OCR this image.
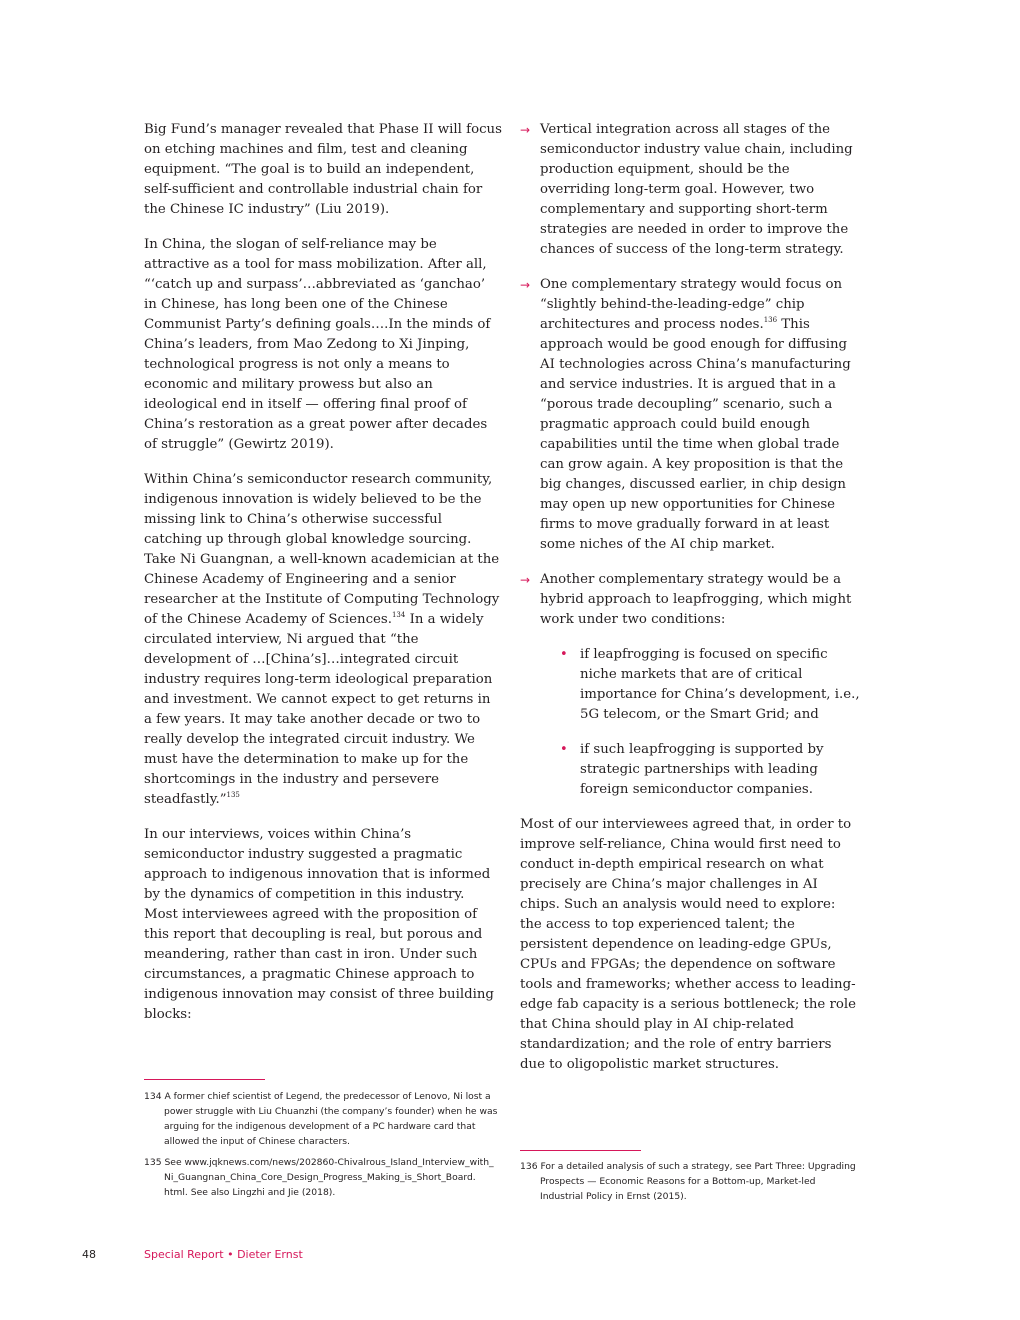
Big Fund’s manager revealed that Phase II will focus on etching machines and film, test and cleaning equipment. “The goal is to build an independent, self-sufficient and controllable industrial chain for the Chinese IC industry” (Liu 2019).

In China, the slogan of self-reliance may be attractive as a tool for mass mobilization. After all, “‘catch up and surpass’…abbreviated as ‘ganchao’ in Chinese, has long been one of the Chinese Communist Party’s defining goals….In the minds of China’s leaders, from Mao Zedong to Xi Jinping, technological progress is not only a means to economic and military prowess but also an ideological end in itself — offering final proof of China’s restoration as a great power after decades of struggle” (Gewirtz 2019).

Within China’s semiconductor research community, indigenous innovation is widely believed to be the missing link to China’s otherwise successful catching up through global knowledge sourcing. Take Ni Guangnan, a well-known academician at the Chinese Academy of Engineering and a senior researcher at the Institute of Computing Technology of the Chinese Academy of Sciences.$^{134}$ In a widely circulated interview, Ni argued that “the development of …[China’s]…integrated circuit industry requires long-term ideological preparation and investment. We cannot expect to get returns in a few years. It may take another decade or two to really develop the integrated circuit industry. We must have the determination to make up for the shortcomings in the industry and persevere steadfastly.”$^{135}$

In our interviews, voices within China’s semiconductor industry suggested a pragmatic approach to indigenous innovation that is informed by the dynamics of competition in this industry. Most interviewees agreed with the proposition of this report that decoupling is real, but porous and meandering, rather than cast in iron. Under such circumstances, a pragmatic Chinese approach to indigenous innovation may consist of three building blocks:

→ Vertical integration across all stages of the semiconductor industry value chain, including production equipment, should be the overriding long-term goal. However, two complementary and supporting short-term strategies are needed in order to improve the chances of success of the long-term strategy.
→ One complementary strategy would focus on “slightly behind-the-leading-edge” chip architectures and process nodes.$^{136}$ This approach would be good enough for diffusing AI technologies across China’s manufacturing and service industries. It is argued that in a “porous trade decoupling” scenario, such a pragmatic approach could build enough capabilities until the time when global trade can grow again. A key proposition is that the big changes, discussed earlier, in chip design may open up new opportunities for Chinese firms to move gradually forward in at least some niches of the AI chip market.
→ Another complementary strategy would be a hybrid approach to leapfrogging, which might work under two conditions:
• if leapfrogging is focused on specific niche markets that are of critical importance for China’s development, i.e., 5G telecom, or the Smart Grid; and
• if such leapfrogging is supported by strategic partnerships with leading foreign semiconductor companies.

Most of our interviewees agreed that, in order to improve self-reliance, China would first need to conduct in-depth empirical research on what precisely are China’s major challenges in AI chips. Such an analysis would need to explore: the access to top experienced talent; the persistent dependence on leading-edge GPUs, CPUs and FPGAs; the dependence on software tools and frameworks; whether access to leading-edge fab capacity is a serious bottleneck; the role that China should play in AI chip-related standardization; and the role of entry barriers due to oligopolistic market structures.

134 A former chief scientist of Legend, the predecessor of Lenovo, Ni lost a power struggle with Liu Chuanzhi (the company’s founder) when he was arguing for the indigenous development of a PC hardware card that allowed the input of Chinese characters.

135 See www.jqknews.com/news/202860-Chivalrous_Island_Interview_with_ Ni_Guangnan_China_Core_Design_Progress_Making_is_Short_Board. html. See also Lingzhi and Jie (2018).

136 For a detailed analysis of such a strategy, see Part Three: Upgrading Prospects — Economic Reasons for a Bottom-up, Market-led Industrial Policy in Ernst (2015).

48	Special Report • Dieter Ernst
